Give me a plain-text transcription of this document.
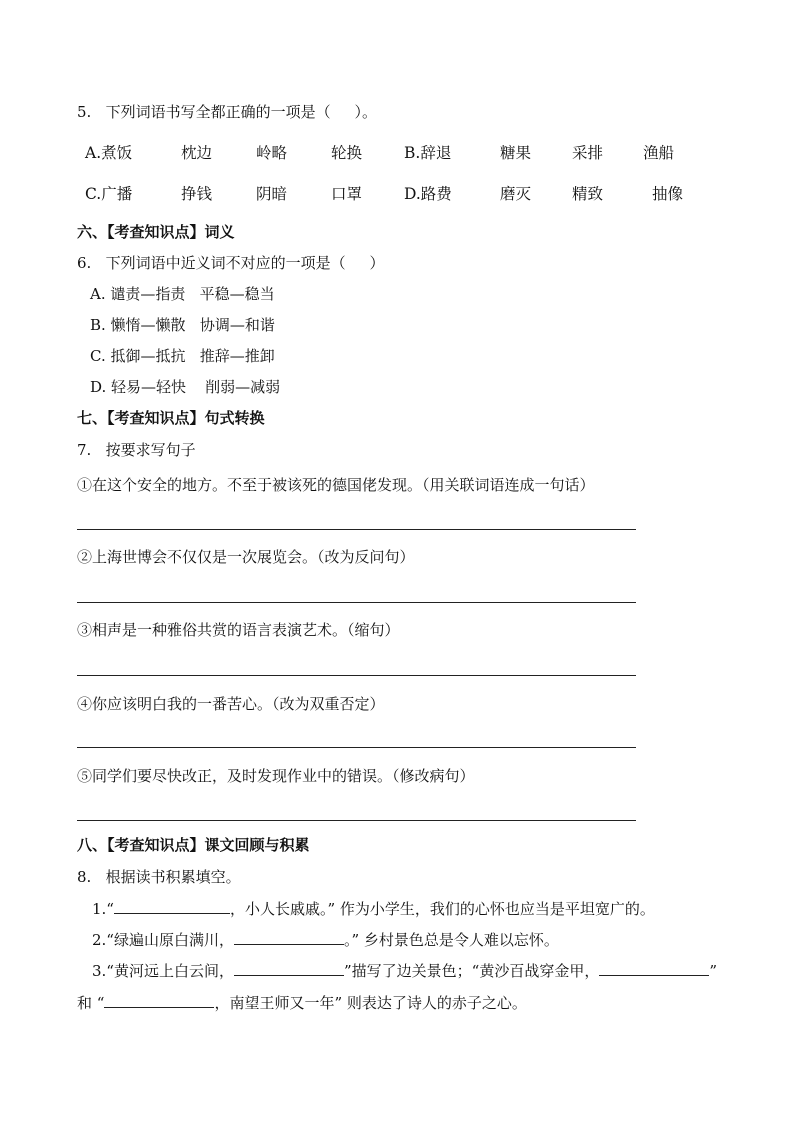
5.   下列词语书写全都正确的一项是（     ）。
A.煮饭	枕边	岭略	轮换	B.辞退	糖果	采排	渔船
C.广播	挣钱	阴暗	口罩	D.路费	磨灭	精致	抽像
六、【考查知识点】词义
6.   下列词语中近义词不对应的一项是（     ）
A. 谴责—指责   平稳—稳当
B. 懒惰—懒散   协调—和谐
C. 抵御—抵抗   推辞—推卸
D. 轻易—轻快    削弱—减弱
七、【考查知识点】句式转换
7.   按要求写句子
①在这个安全的地方。不至于被该死的德国佬发现。（用关联词语连成一句话）
②上海世博会不仅仅是一次展览会。（改为反问句）
③相声是一种雅俗共赏的语言表演艺术。（缩句）
④你应该明白我的一番苦心。（改为双重否定）
⑤同学们要尽快改正，及时发现作业中的错误。（修改病句）
八、【考查知识点】课文回顾与积累
8.   根据读书积累填空。
1.“	，小人长戚戚。” 作为小学生，我们的心怀也应当是平坦宽广的。
2.“绿遍山原白满川，	。” 乡村景色总是令人难以忘怀。
3.“黄河远上白云间，	”描写了边关景色；“黄沙百战穿金甲，	”
和 “	，南望王师又一年” 则表达了诗人的赤子之心。
